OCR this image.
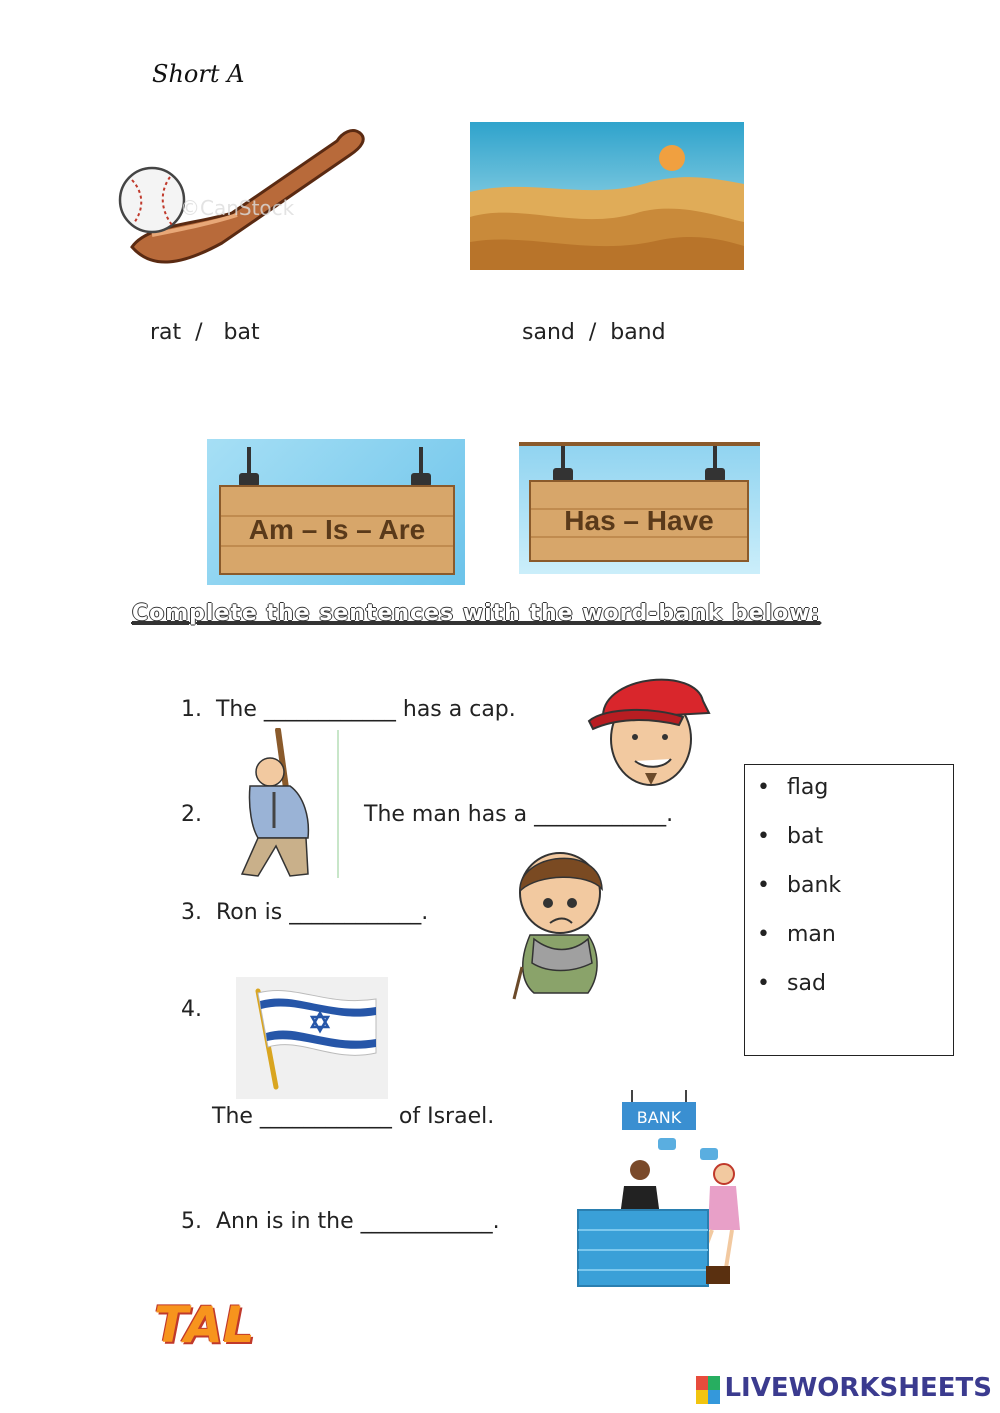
Short A
©CanStock
rat  /   bat	sand  /  band
Am – Is – Are	Has – Have
Complete the sentences with the word-bank below:
1.  The ____________ has a cap.
2.	The man has a ____________.
3.  Ron is ____________.
4.
The ____________ of Israel.
5.  Ann is in the ____________.
BANK
• flag
• bat
• bank
• man
• sad
TAL
LIVEWORKSHEETS
